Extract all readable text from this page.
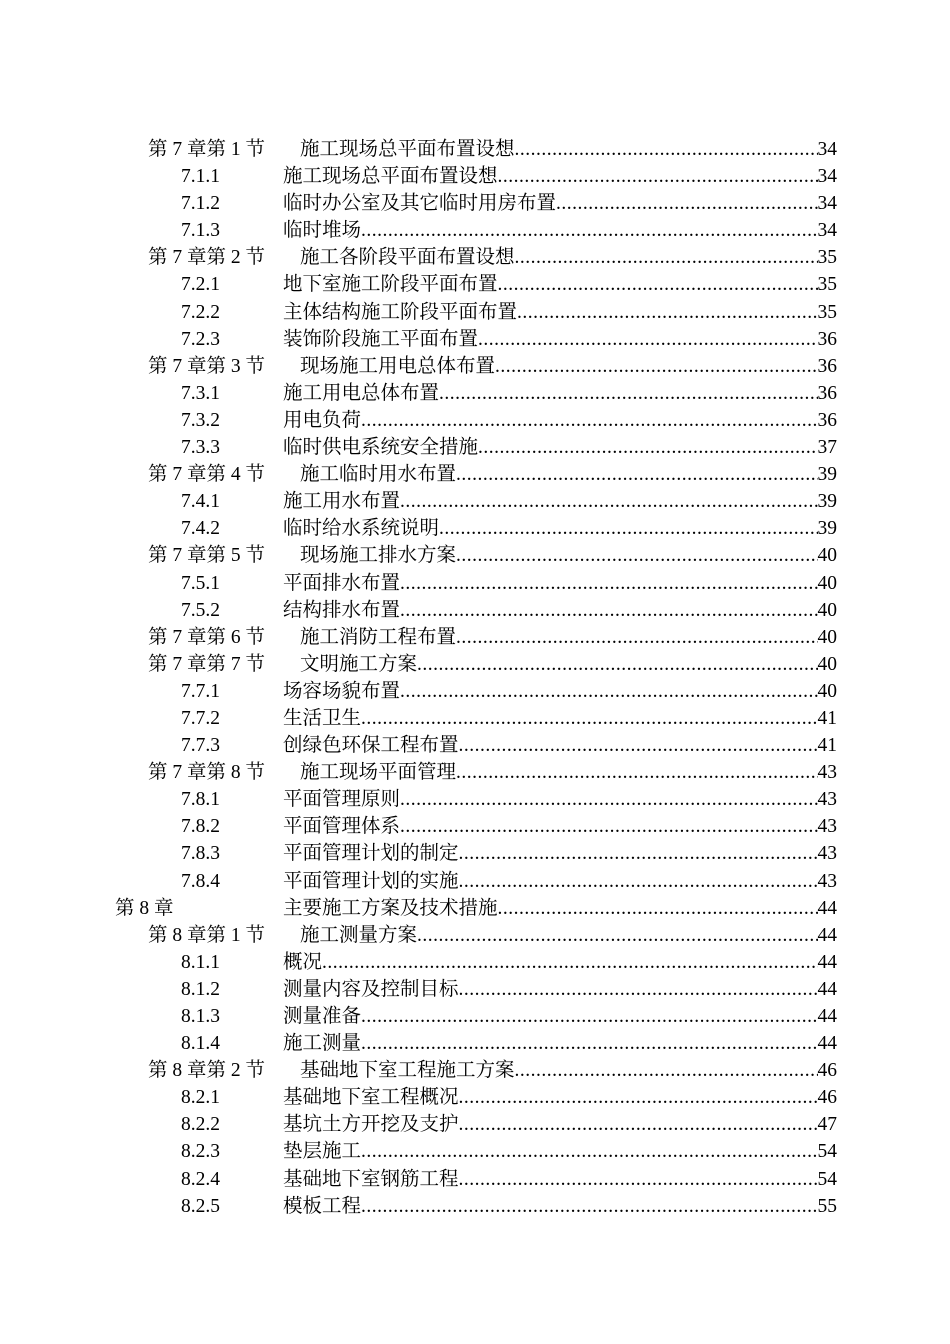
第 7 章第 1 节 施工现场总平面布置设想 .....	34
7.1.1	施工现场总平面布置设想 .....	34
7.1.2	临时办公室及其它临时用房布置 .....	34
7.1.3	临时堆场 .....	34
第 7 章第 2 节 施工各阶段平面布置设想 .....	35
7.2.1	地下室施工阶段平面布置 .....	35
7.2.2	主体结构施工阶段平面布置 .....	35
7.2.3	装饰阶段施工平面布置 .....	36
第 7 章第 3 节 现场施工用电总体布置 .....	36
7.3.1	施工用电总体布置 .....	36
7.3.2	用电负荷 .....	36
7.3.3	临时供电系统安全措施 .....	37
第 7 章第 4 节 施工临时用水布置 .....	39
7.4.1	施工用水布置 .....	39
7.4.2	临时给水系统说明 .....	39
第 7 章第 5 节 现场施工排水方案 .....	40
7.5.1	平面排水布置 .....	40
7.5.2	结构排水布置 .....	40
第 7 章第 6 节 施工消防工程布置 .....	40
第 7 章第 7 节 文明施工方案 .....	40
7.7.1	场容场貌布置 .....	40
7.7.2	生活卫生 .....	41
7.7.3	创绿色环保工程布置 .....	41
第 7 章第 8 节 施工现场平面管理 .....	43
7.8.1	平面管理原则 .....	43
7.8.2	平面管理体系 .....	43
7.8.3	平面管理计划的制定 .....	43
7.8.4	平面管理计划的实施 .....	43
第 8 章	主要施工方案及技术措施 .....	44
第 8 章第 1 节 施工测量方案 .....	44
8.1.1	概况 .....	44
8.1.2	测量内容及控制目标 .....	44
8.1.3	测量准备 .....	44
8.1.4	施工测量 .....	44
第 8 章第 2 节 基础地下室工程施工方案 .....	46
8.2.1	基础地下室工程概况 .....	46
8.2.2	基坑土方开挖及支护 .....	47
8.2.3	垫层施工 .....	54
8.2.4	基础地下室钢筋工程 .....	54
8.2.5	模板工程 .....	55
